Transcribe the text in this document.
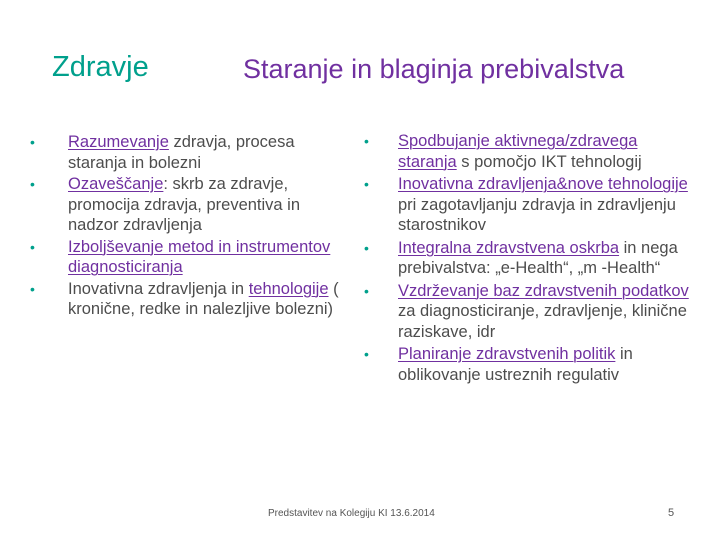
Zdravje	Staranje in blaginja prebivalstva
• Razumevanje zdravja, procesa staranja in bolezni
• Ozaveščanje: skrb za zdravje, promocija zdravja, preventiva in nadzor zdravljenja
• Izboljševanje metod in instrumentov diagnosticiranja
• Inovativna zdravljenja in tehnologije ( kronične, redke in nalezljive bolezni)
• Spodbujanje aktivnega/zdravega staranja s pomočjo IKT tehnologij
• Inovativna zdravljenja&nove tehnologije pri zagotavljanju zdravja in zdravljenju starostnikov
• Integralna zdravstvena oskrba in nega prebivalstva: „e-Health“, „m -Health“
• Vzdrževanje baz zdravstvenih podatkov za diagnosticiranje, zdravljenje, klinične raziskave, idr
• Planiranje zdravstvenih politik in oblikovanje ustreznih regulativ
Predstavitev na Kolegiju KI 13.6.2014	5
